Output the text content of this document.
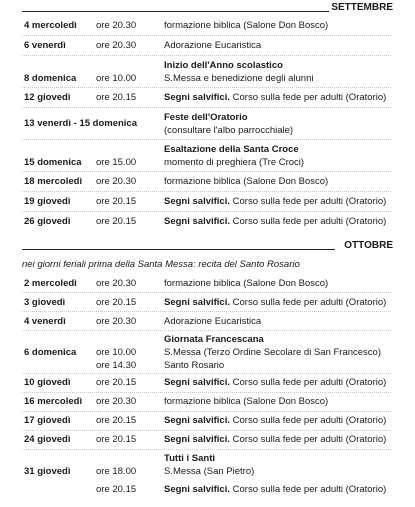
SETTEMBRE
4 mercoledì ore 20.30	formazione biblica (Salone Don Bosco)
6 venerdì	ore 20.30	Adorazione Eucaristica
Inizio dell'Anno scolastico
8 domenica ore 10.00	S.Messa e benedizione degli alunni
12 giovedì	ore 20.15	Segni salvifici. Corso sulla fede per adulti (Oratorio)
Feste dell'Oratorio
13 venerdì - 15 domenica
(consultare l'albo parrocchiale)
Esaltazione della Santa Croce
15 domenica ore 15.00	momento di preghiera (Tre Croci)
18 mercoledì ore 20.30	formazione biblica (Salone Don Bosco)
19 giovedì	ore 20.15	Segni salvifici. Corso sulla fede per adulti (Oratorio)
26 giovedì	ore 20.15	Segni salvifici. Corso sulla fede per adulti (Oratorio)
OTTOBRE
nei giorni feriali prima della Santa Messa: recita del Santo Rosario
2 mercoledì ore 20.30	formazione biblica (Salone Don Bosco)
3 giovedì	ore 20.15	Segni salvifici. Corso sulla fede per adulti (Oratorio)
4 venerdì	ore 20.30	Adorazione Eucaristica
Giornata Francescana
6 domenica ore 10.00	S.Messa (Terzo Ordine Secolare di San Francesco)
ore 14.30	Santo Rosario
10 giovedì	ore 20.15	Segni salvifici. Corso sulla fede per adulti (Oratorio)
16 mercoledì ore 20.30	formazione biblica (Salone Don Bosco)
17 giovedì	ore 20.15	Segni salvifici. Corso sulla fede per adulti (Oratorio)
24 giovedì	ore 20.15	Segni salvifici. Corso sulla fede per adulti (Oratorio)
Tutti i Santi
31 giovedì	ore 18.00	S.Messa (San Pietro)
ore 20.15	Segni salvifici. Corso sulla fede per adulti (Oratorio)
